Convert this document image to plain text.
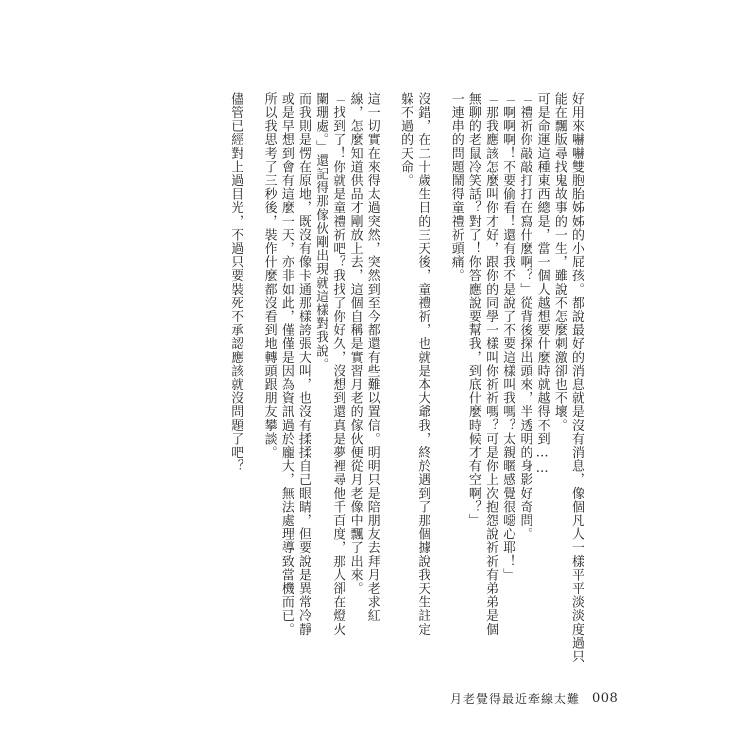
好用來嚇嚇雙胞胎姊姊的小屁孩。都說最好的消息就是沒有消息，像個凡人一樣平平淡淡度過只
能在飄版尋找鬼故事的一生，雖說不怎麼刺激卻也不壞。
可是命運這種東西總是，當一個人越想要什麼時就越得不到……
「禮祈你敲敲打打在寫什麼啊？」從背後探出頭來，半透明的身影好奇問。
「啊啊啊！不要偷看！還有我不是說了不要這樣叫我嗎？太親暱感覺很噁心耶！」
「那我應該怎麼叫你才好，跟你的同學一樣叫你祈祈嗎？可是你上次抱怨說祈祈有弟弟是個
無聊的老鼠冷笑話？對了！你答應說要幫我，到底什麼時候才有空啊？」
一連串的問題鬧得童禮祈頭痛。
沒錯，在二十歲生日的三天後，童禮祈，也就是本大爺我，終於遇到了那個據說我天生註定
躲不過的天命。
這一切實在來得太過突然，突然到至今都還有些難以置信。明明只是陪朋友去拜月老求紅
線，怎麼知道供品才剛放上去，這個自稱是實習月老的傢伙便從月老像中飄了出來。
「找到了！你就是童禮祈吧？我找了你好久，沒想到還真是夢裡尋他千百度，那人卻在燈火
闌珊處。」還記得那傢伙剛出現就這樣對我說。
而我則是愣在原地，既沒有像卡通那樣誇張大叫，也沒有揉揉自己眼睛，但要說是異常冷靜
或是早想到會有這麼一天，亦非如此，僅僅是因為資訊過於龐大，無法處理導致當機而已。
所以我思考了三秒後，裝作什麼都沒看到地轉頭跟朋友攀談。
儘管已經對上過目光，不過只要裝死不承認應該就沒問題了吧？
月老覺得最近牽線太難 008
